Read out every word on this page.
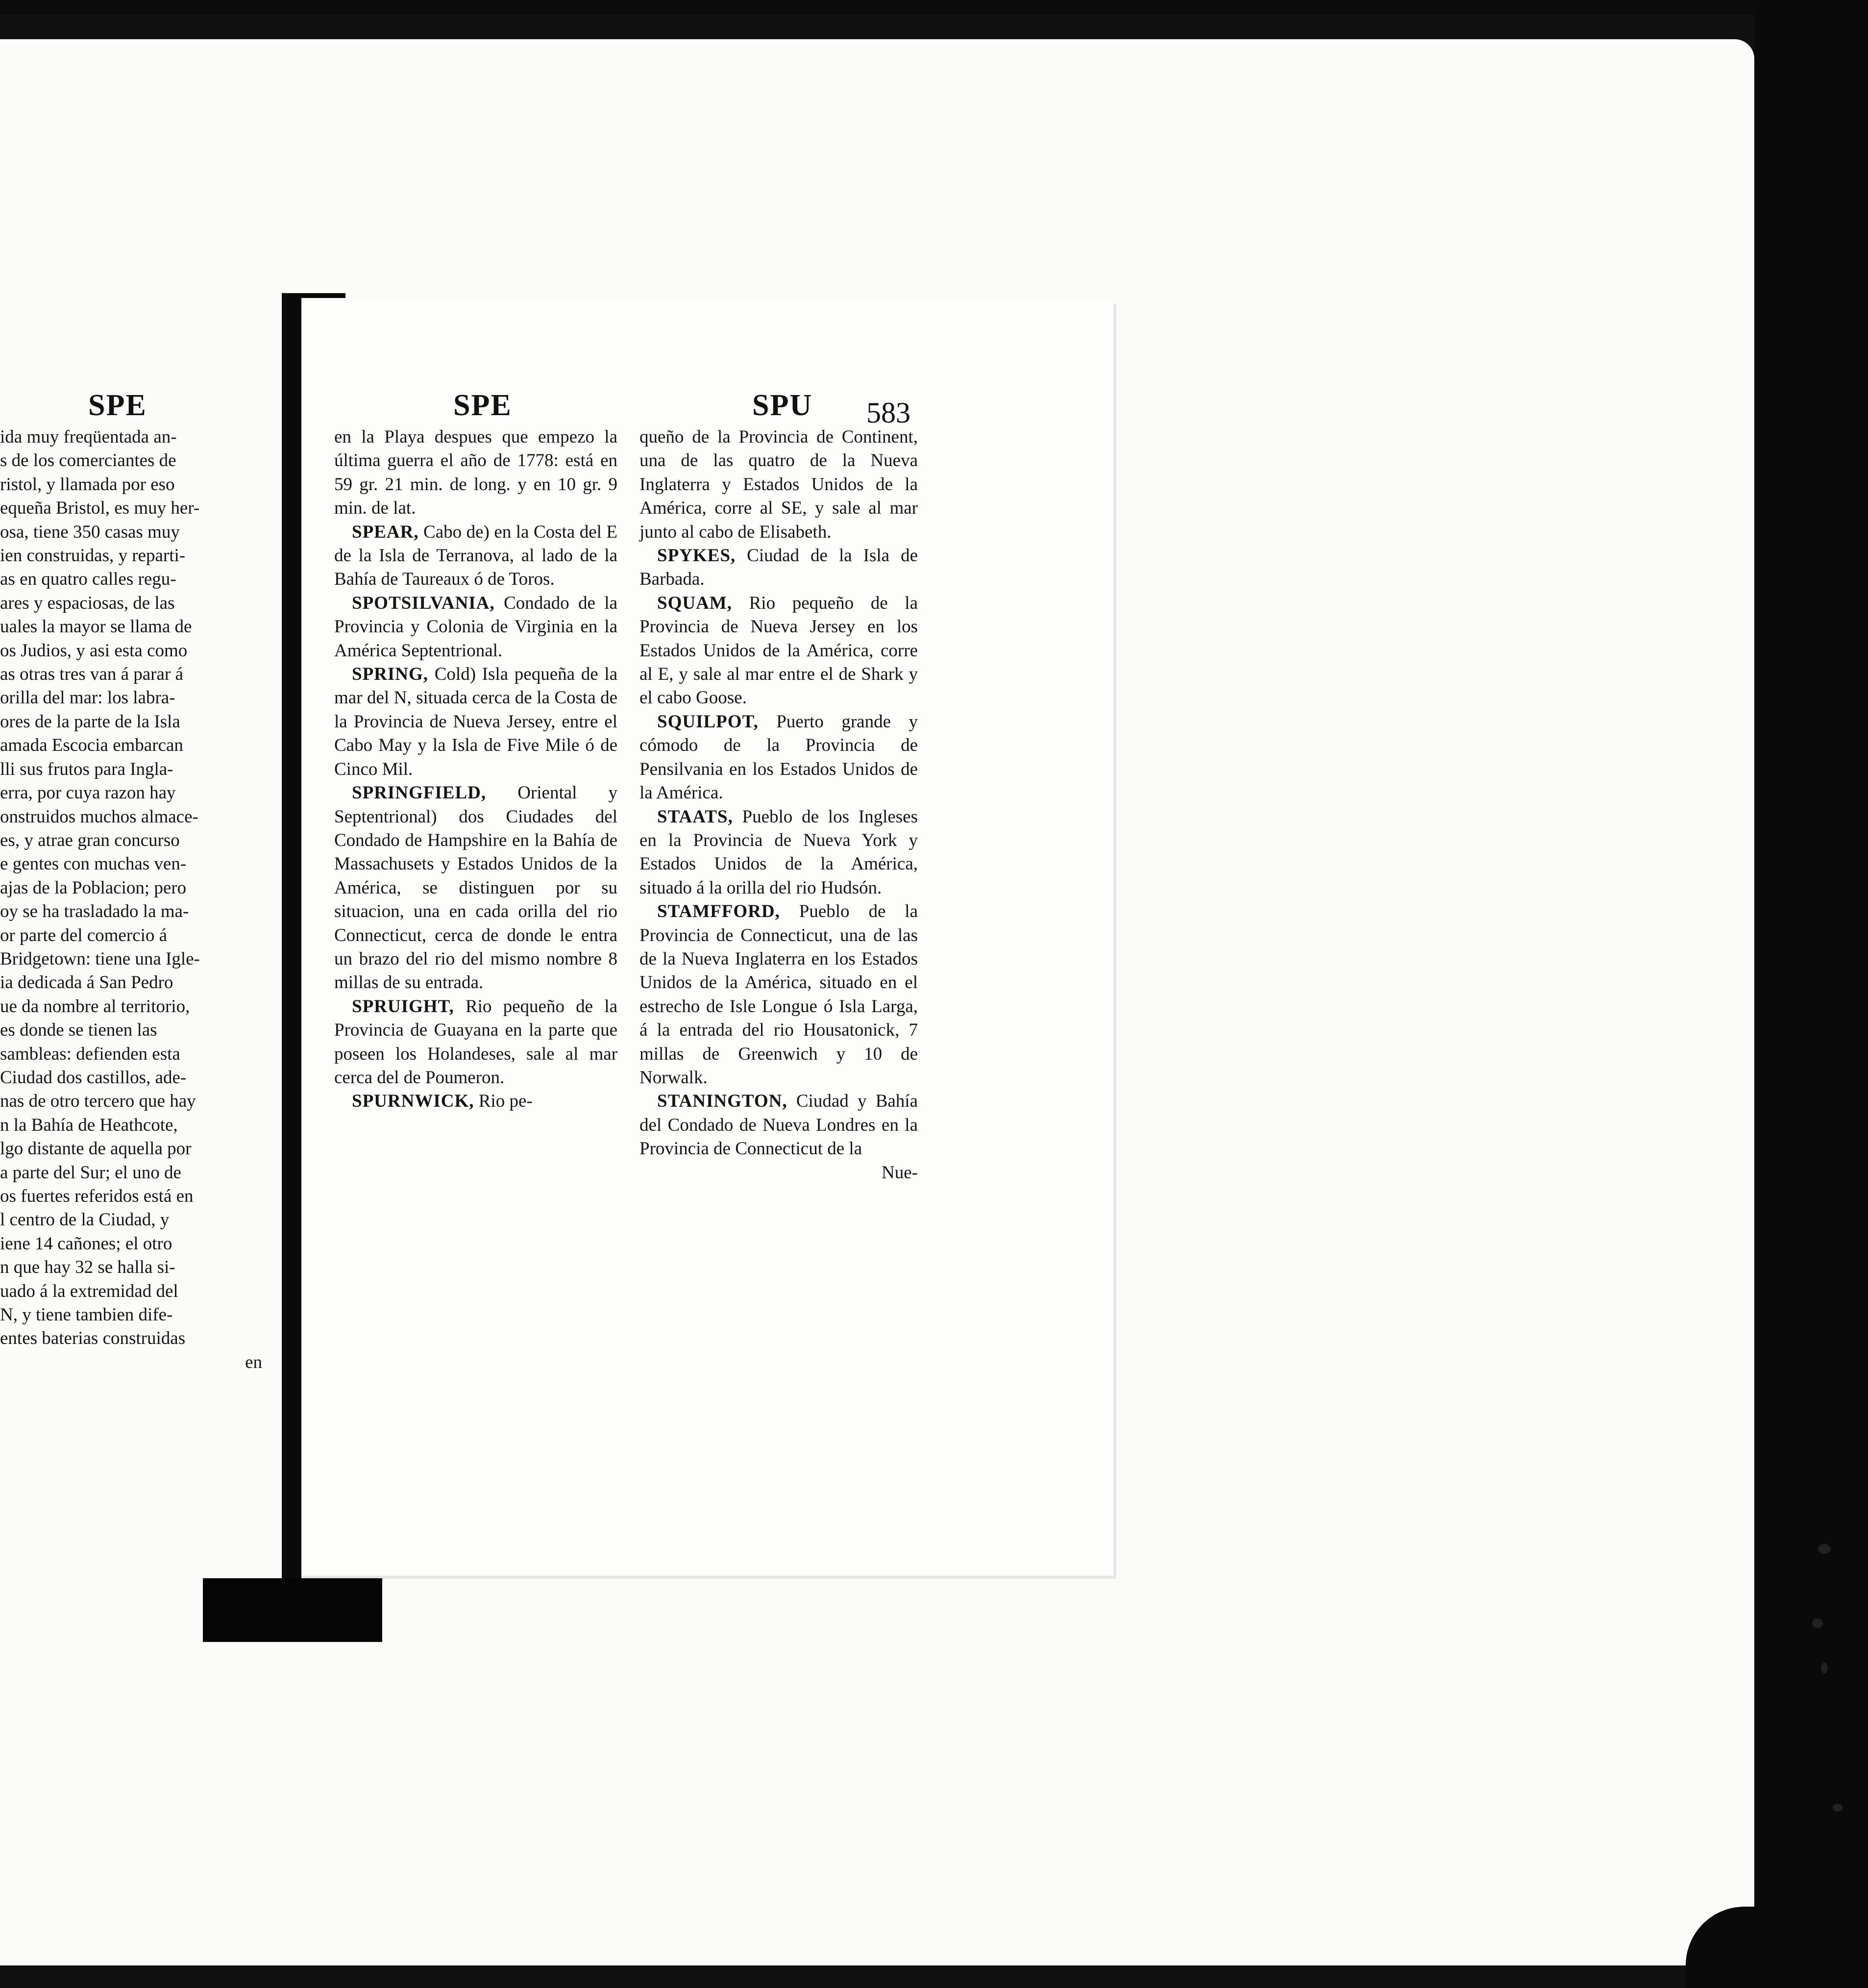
SPE	SPE	SPU 583

ida muy freqüentada an-

s de los comerciantes de

ristol, y llamada por eso

equeña Bristol, es muy her-

osa, tiene 350 casas muy

ien construidas, y reparti-

as en quatro calles regu-

ares y espaciosas, de las

uales la mayor se llama de

os Judios, y asi esta como

as otras tres van á parar á

orilla del mar: los labra-

ores de la parte de la Isla

amada Escocia embarcan

lli sus frutos para Ingla-

erra, por cuya razon hay

onstruidos muchos almace-

es, y atrae gran concurso

e gentes con muchas ven-

ajas de la Poblacion; pero

oy se ha trasladado la ma-

or parte del comercio á

Bridgetown: tiene una Igle-

ia dedicada á San Pedro

ue da nombre al territorio,

es donde se tienen las

sambleas: defienden esta

Ciudad dos castillos, ade-

nas de otro tercero que hay

n la Bahía de Heathcote,

lgo distante de aquella por

a parte del Sur; el uno de

os fuertes referidos está en

l centro de la Ciudad, y

iene 14 cañones; el otro

n que hay 32 se halla si-

uado á la extremidad del

N, y tiene tambien dife-

entes baterias construidas

en

en la Playa despues que empezo la última guerra el año de 1778: está en 59 gr. 21 min. de long. y en 10 gr. 9 min. de lat.

SPEAR, Cabo de) en la Costa del E de la Isla de Terranova, al lado de la Bahía de Taureaux ó de Toros.

SPOTSILVANIA, Condado de la Provincia y Colonia de Virginia en la América Septentrional.

SPRING, Cold) Isla pequeña de la mar del N, situada cerca de la Costa de la Provincia de Nueva Jersey, entre el Cabo May y la Isla de Five Mile ó de Cinco Mil.

SPRINGFIELD, Oriental y Septentrional) dos Ciudades del Condado de Hampshire en la Bahía de Massachusets y Estados Unidos de la América, se distinguen por su situacion, una en cada orilla del rio Connecticut, cerca de donde le entra un brazo del rio del mismo nombre 8 millas de su entrada.

SPRUIGHT, Rio pequeño de la Provincia de Guayana en la parte que poseen los Holandeses, sale al mar cerca del de Poumeron.

SPURNWICK, Rio pe-

queño de la Provincia de Continent, una de las quatro de la Nueva Inglaterra y Estados Unidos de la América, corre al SE, y sale al mar junto al cabo de Elisabeth.

SPYKES, Ciudad de la Isla de Barbada.

SQUAM, Rio pequeño de la Provincia de Nueva Jersey en los Estados Unidos de la América, corre al E, y sale al mar entre el de Shark y el cabo Goose.

SQUILPOT, Puerto grande y cómodo de la Provincia de Pensilvania en los Estados Unidos de la América.

STAATS, Pueblo de los Ingleses en la Provincia de Nueva York y Estados Unidos de la América, situado á la orilla del rio Hudsón.

STAMFFORD, Pueblo de la Provincia de Connecticut, una de las de la Nueva Inglaterra en los Estados Unidos de la América, situado en el estrecho de Isle Longue ó Isla Larga, á la entrada del rio Housatonick, 7 millas de Greenwich y 10 de Norwalk.

STANINGTON, Ciudad y Bahía del Condado de Nueva Londres en la Provincia de Connecticut de la

Nue-
